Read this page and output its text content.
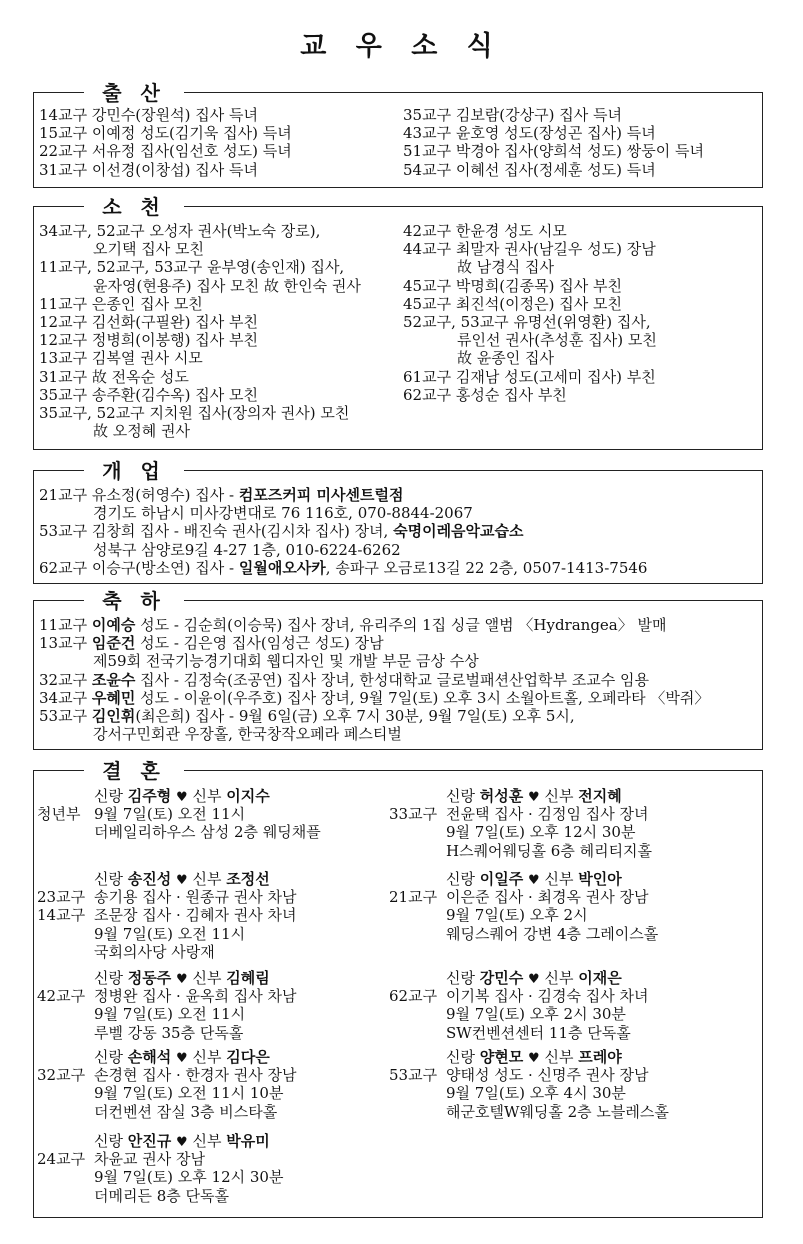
교 우 소 식
출 산
14교구 강민수(장원석) 집사 득녀
15교구 이예정 성도(김기욱 집사) 득녀
22교구 서유정 집사(임선호 성도) 득녀
31교구 이선경(이창섭) 집사 득녀
35교구 김보람(강상구) 집사 득녀
43교구 윤호영 성도(장성곤 집사) 득녀
51교구 박경아 집사(양희석 성도) 쌍둥이 득녀
54교구 이혜선 집사(정세훈 성도) 득녀
소 천
34교구, 52교구 오성자 권사(박노숙 장로),
오기택 집사 모친
11교구, 52교구, 53교구 윤부영(송인재) 집사,
윤자영(현용주) 집사 모친 故 한인숙 권사
11교구 은종인 집사 모친
12교구 김선화(구필완) 집사 부친
12교구 정병희(이봉행) 집사 부친
13교구 김복열 권사 시모
31교구 故 전옥순 성도
35교구 송주환(김수옥) 집사 모친
35교구, 52교구 지치원 집사(장의자 권사) 모친
故 오정혜 권사
42교구 한윤경 성도 시모
44교구 최말자 권사(남길우 성도) 장남
故 남경식 집사
45교구 박명희(김종목) 집사 부친
45교구 최진석(이정은) 집사 모친
52교구, 53교구 유명선(위영환) 집사,
류인선 권사(추성훈 집사) 모친
故 윤종인 집사
61교구 김재남 성도(고세미 집사) 부친
62교구 홍성순 집사 부친
개 업
21교구 유소정(허영수) 집사 - 컴포즈커피 미사센트럴점
경기도 하남시 미사강변대로 76 116호, 070-8844-2067
53교구 김창희 집사 - 배진숙 권사(김시차 집사) 장녀, 숙명이레음악교습소
성북구 삼양로9길 4-27 1층, 010-6224-6262
62교구 이승구(방소연) 집사 - 일월애오사카, 송파구 오금로13길 22 2층, 0507-1413-7546
축 하
11교구 이예승 성도 - 김순희(이승묵) 집사 장녀, 유리주의 1집 싱글 앨범 〈Hydrangea〉 발매
13교구 임준건 성도 - 김은영 집사(임성근 성도) 장남
제59회 전국기능경기대회 웹디자인 및 개발 부문 금상 수상
32교구 조윤수 집사 - 김정숙(조공연) 집사 장녀, 한성대학교 글로벌패션산업학부 조교수 임용
34교구 우혜민 성도 - 이윤이(우주호) 집사 장녀, 9월 7일(토) 오후 3시 소월아트홀, 오페라타 〈박쥐〉
53교구 김인휘(최은희) 집사 - 9월 6일(금) 오후 7시 30분, 9월 7일(토) 오후 5시,
강서구민회관 우장홀, 한국창작오페라 페스티벌
결 혼
신랑 김주형 ♥ 신부 이지수
청년부 9월 7일(토) 오전 11시
더베일리하우스 삼성 2층 웨딩채플
신랑 허성훈 ♥ 신부 전지혜
33교구 전윤택 집사 · 김정임 집사 장녀
9월 7일(토) 오후 12시 30분
H스퀘어웨딩홀 6층 헤리티지홀
신랑 송진성 ♥ 신부 조정선
23교구 송기용 집사 · 원종규 권사 차남
14교구 조문장 집사 · 김혜자 권사 차녀
9월 7일(토) 오전 11시
국회의사당 사랑재
신랑 이일주 ♥ 신부 박인아
21교구 이은준 집사 · 최경옥 권사 장남
9월 7일(토) 오후 2시
웨딩스퀘어 강변 4층 그레이스홀
신랑 정동주 ♥ 신부 김혜림
42교구 정병완 집사 · 윤옥희 집사 차남
9월 7일(토) 오전 11시
루벨 강동 35층 단독홀
신랑 강민수 ♥ 신부 이재은
62교구 이기복 집사 · 김경숙 집사 차녀
9월 7일(토) 오후 2시 30분
SW컨벤션센터 11층 단독홀
신랑 손해석 ♥ 신부 김다은
32교구 손경현 집사 · 한경자 권사 장남
9월 7일(토) 오전 11시 10분
더컨벤션 잠실 3층 비스타홀
신랑 양현모 ♥ 신부 프레야
53교구 양태성 성도 · 신명주 권사 장남
9월 7일(토) 오후 4시 30분
해군호텔W웨딩홀 2층 노블레스홀
신랑 안진규 ♥ 신부 박유미
24교구 차윤교 권사 장남
9월 7일(토) 오후 12시 30분
더메리든 8층 단독홀
